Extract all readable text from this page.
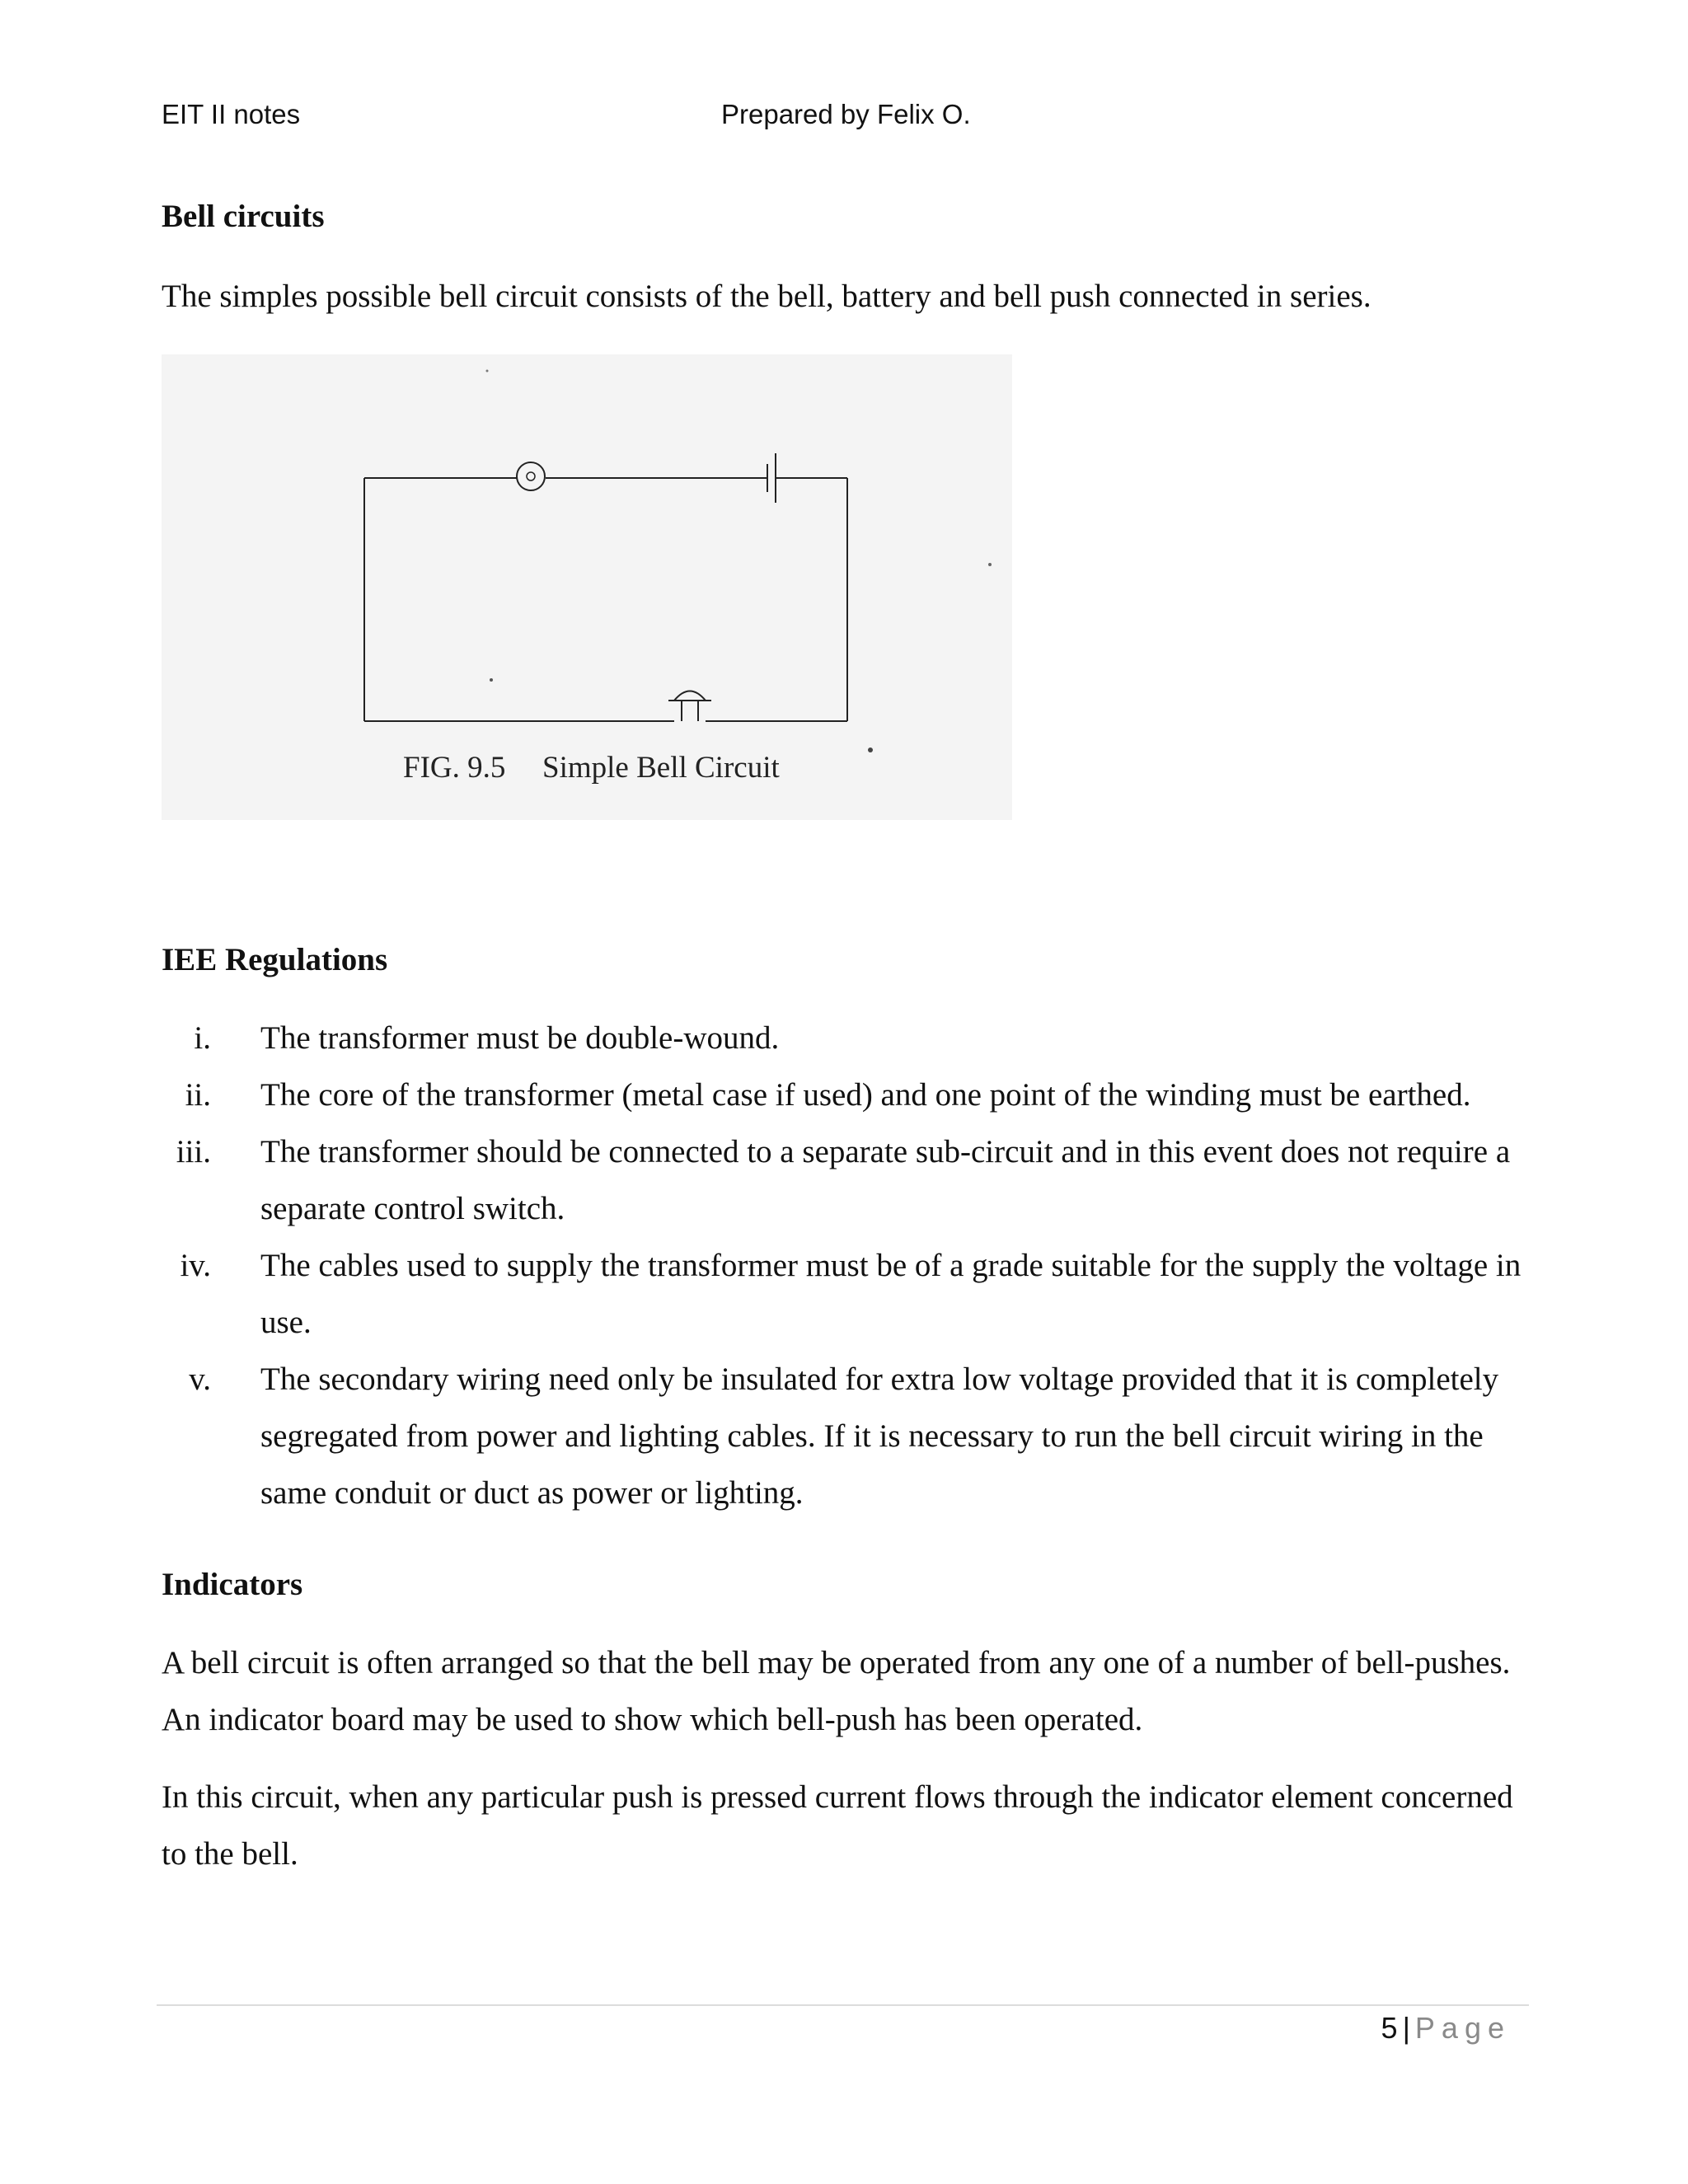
EIT II notes	Prepared by Felix O.
Bell circuits

The simples possible bell circuit consists of the bell, battery and bell push connected in series.

FIG. 9.5 Simple Bell Circuit
IEE Regulations
i. The transformer must be double-wound.
ii. The core of the transformer (metal case if used) and one point of the winding must be earthed.
iii. The transformer should be connected to a separate sub-circuit and in this event does not require a separate control switch.
iv. The cables used to supply the transformer must be of a grade suitable for the supply the voltage in use.
v. The secondary wiring need only be insulated for extra low voltage provided that it is completely segregated from power and lighting cables. If it is necessary to run the bell circuit wiring in the same conduit or duct as power or lighting.
Indicators

A bell circuit is often arranged so that the bell may be operated from any one of a number of bell-pushes. An indicator board may be used to show which bell-push has been operated.

In this circuit, when any particular push is pressed current flows through the indicator element concerned to the bell.

5 | Page
